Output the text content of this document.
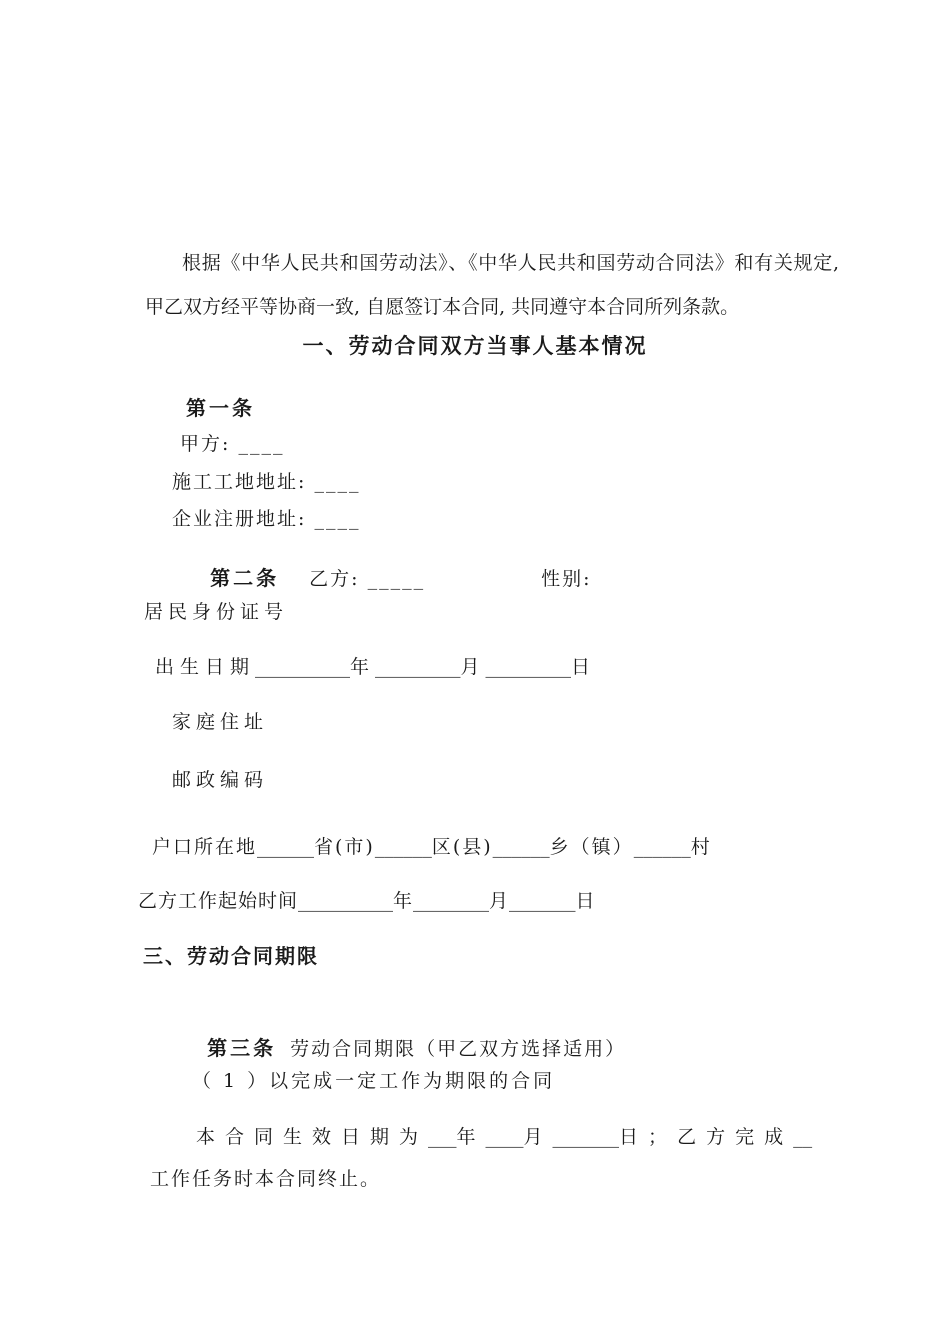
根据《中华人民共和国劳动法》、《中华人民共和国劳动合同法》和有关规定, 甲乙双方经平等协商一致, 自愿签订本合同, 共同遵守本合同所列条款。

一、劳动合同双方当事人基本情况
第一条
甲方: ____
施工工地地址: ____
企业注册地址: ____

第二条 乙方: _____	性别:

居民身份证号
出生日期__________年_________月_________日
家庭住址
邮政编码
户口所在地______省(市)______区(县)______乡（镇）______村
乙方工作起始时间__________年________月_______日
三、劳动合同期限

第三条 劳动合同期限（甲乙双方选择适用）

（ 1 ）以完成一定工作为期限的合同
本合同生效日期为___年____月_______日；乙方完成__
工作任务时本合同终止。
